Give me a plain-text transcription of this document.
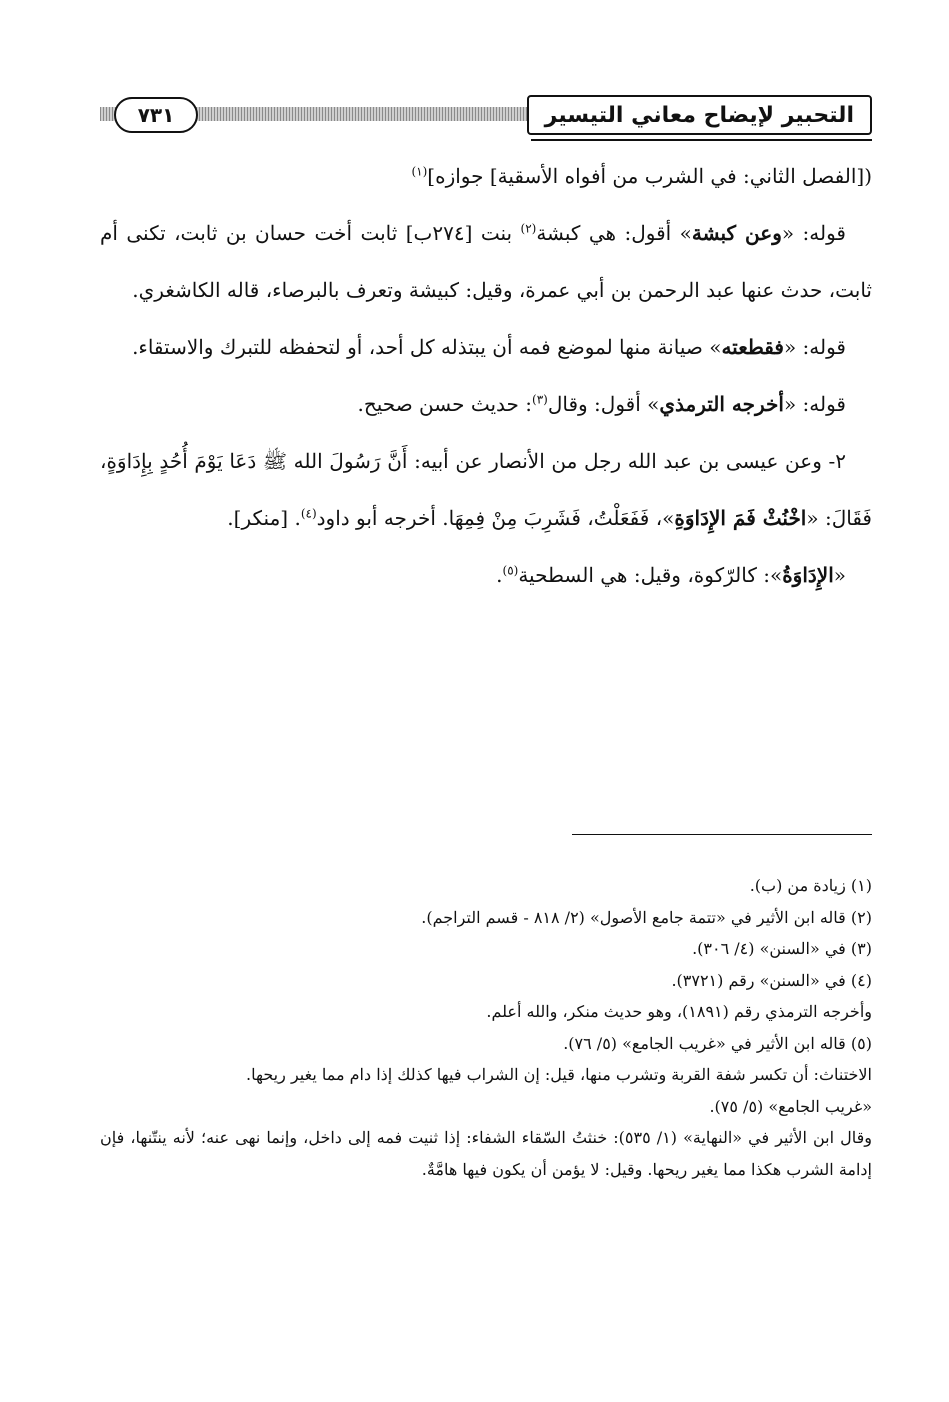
٧٣١	التحبير لإيضاح معاني التيسير

([الفصل الثاني: في الشرب من أفواه الأسقية] جوازه]$^{(١)}$

قوله: «وعن كبشة» أقول: هي كبشة$^{(٢)}$ بنت [٢٧٤ب] ثابت أخت حسان بن ثابت، تكنى أم ثابت، حدث عنها عبد الرحمن بن أبي عمرة، وقيل: كبيشة وتعرف بالبرصاء، قاله الكاشغري.

قوله: «فقطعته» صيانة منها لموضع فمه أن يبتذله كل أحد، أو لتحفظه للتبرك والاستقاء.

قوله: «أخرجه الترمذي» أقول: وقال$^{(٣)}$: حديث حسن صحيح.

٢- وعن عيسى بن عبد الله رجل من الأنصار عن أبيه: أَنَّ رَسُولَ الله ﷺ دَعَا يَوْمَ أُحُدٍ بِإِدَاوَةٍ، فَقَالَ: «اخْنُثْ فَمَ الإِدَاوَةِ»، فَفَعَلْتُ، فَشَرِبَ مِنْ فِمِهَا. أخرجه أبو داود$^{(٤)}$. [منكر].

«الإِدَاوَةُ»: كالرّكوة، وقيل: هي السطحية$^{(٥)}$.

(١) زيادة من (ب).

(٢) قاله ابن الأثير في «تتمة جامع الأصول» (٢/ ٨١٨ - قسم التراجم).

(٣) في «السنن» (٤/ ٣٠٦).

(٤) في «السنن» رقم (٣٧٢١).

وأخرجه الترمذي رقم (١٨٩١)، وهو حديث منكر، والله أعلم.

(٥) قاله ابن الأثير في «غريب الجامع» (٥/ ٧٦).

الاختناث: أن تكسر شفة القربة وتشرب منها، قيل: إن الشراب فيها كذلك إذا دام مما يغير ريحها.

«غريب الجامع» (٥/ ٧٥).

وقال ابن الأثير في «النهاية» (١/ ٥٣٥): خنثتُ السّقاء الشفاء: إذا ثنيت فمه إلى داخل، وإنما نهى عنه؛ لأنه ينتّنها، فإن إدامة الشرب هكذا مما يغير ريحها. وقيل: لا يؤمن أن يكون فيها هامَّةٌ.
